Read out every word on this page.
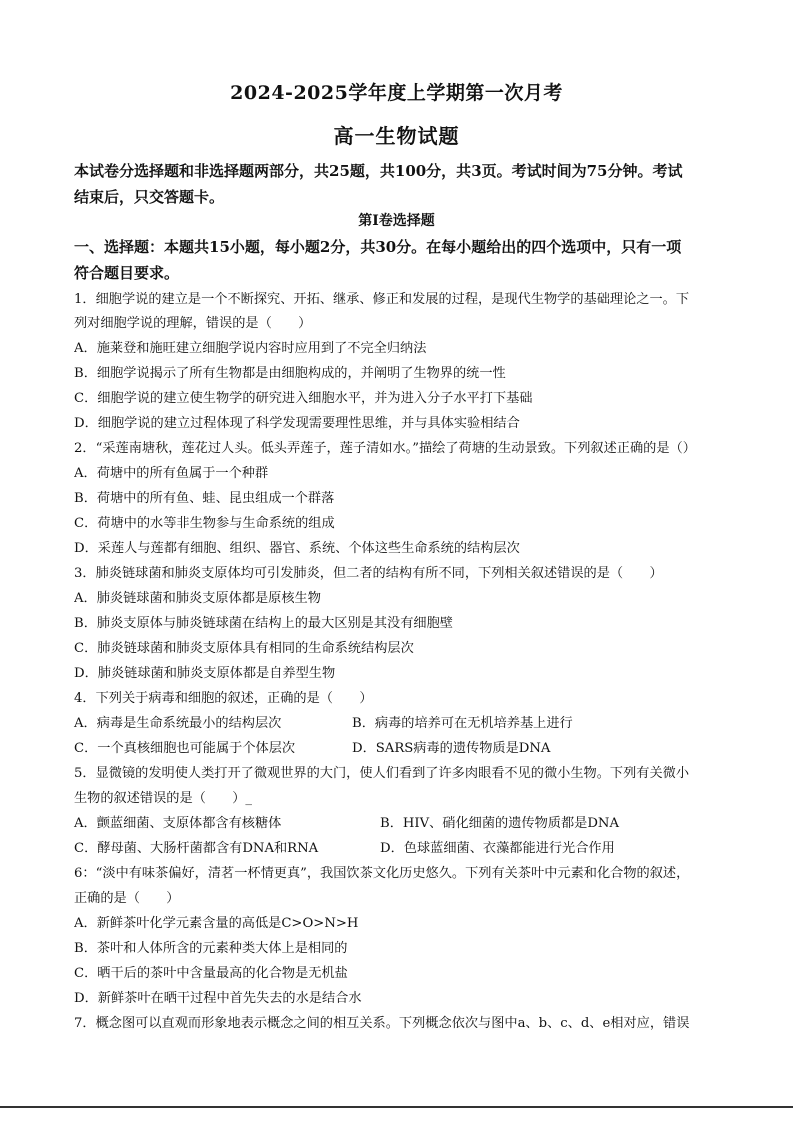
2024-2025学年度上学期第一次月考
高一生物试题
本试卷分选择题和非选择题两部分，共25题，共100分，共3页。考试时间为75分钟。考试
结束后，只交答题卡。
第I卷选择题
一、选择题：本题共15小题，每小题2分，共30分。在每小题给出的四个选项中，只有一项
符合题目要求。
1．细胞学说的建立是一个不断探究、开拓、继承、修正和发展的过程，是现代生物学的基础理论之一。下
列对细胞学说的理解，错误的是（　　）
A．施莱登和施旺建立细胞学说内容时应用到了不完全归纳法
B．细胞学说揭示了所有生物都是由细胞构成的，并阐明了生物界的统一性
C．细胞学说的建立使生物学的研究进入细胞水平，并为进入分子水平打下基础
D．细胞学说的建立过程体现了科学发现需要理性思维，并与具体实验相结合
2．“采莲南塘秋，莲花过人头。低头弄莲子，莲子清如水。”描绘了荷塘的生动景致。下列叙述正确的是（）
A．荷塘中的所有鱼属于一个种群
B．荷塘中的所有鱼、蛙、昆虫组成一个群落
C．荷塘中的水等非生物参与生命系统的组成
D．采莲人与莲都有细胞、组织、器官、系统、个体这些生命系统的结构层次
3．肺炎链球菌和肺炎支原体均可引发肺炎，但二者的结构有所不同，下列相关叙述错误的是（　　）
A．肺炎链球菌和肺炎支原体都是原核生物
B．肺炎支原体与肺炎链球菌在结构上的最大区别是其没有细胞壁
C．肺炎链球菌和肺炎支原体具有相同的生命系统结构层次
D．肺炎链球菌和肺炎支原体都是自养型生物
4．下列关于病毒和细胞的叙述，正确的是（　　）
A．病毒是生命系统最小的结构层次	B．病毒的培养可在无机培养基上进行
C．一个真核细胞也可能属于个体层次	D．SARS病毒的遗传物质是DNA
5．显微镜的发明使人类打开了微观世界的大门，使人们看到了许多肉眼看不见的微小生物。下列有关微小
生物的叙述错误的是（　　）_
A．颤蓝细菌、支原体都含有核糖体	B．HIV、硝化细菌的遗传物质都是DNA
C．酵母菌、大肠杆菌都含有DNA和RNA	D．色球蓝细菌、衣藻都能进行光合作用
6：“淡中有味茶偏好，清茗一杯情更真”，我国饮茶文化历史悠久。下列有关茶叶中元素和化合物的叙述，
正确的是（　　）
A．新鲜茶叶化学元素含量的高低是C>O>N>H
B．茶叶和人体所含的元素种类大体上是相同的
C．晒干后的茶叶中含量最高的化合物是无机盐
D．新鲜茶叶在晒干过程中首先失去的水是结合水
7．概念图可以直观而形象地表示概念之间的相互关系。下列概念依次与图中a、b、c、d、e相对应，错误
